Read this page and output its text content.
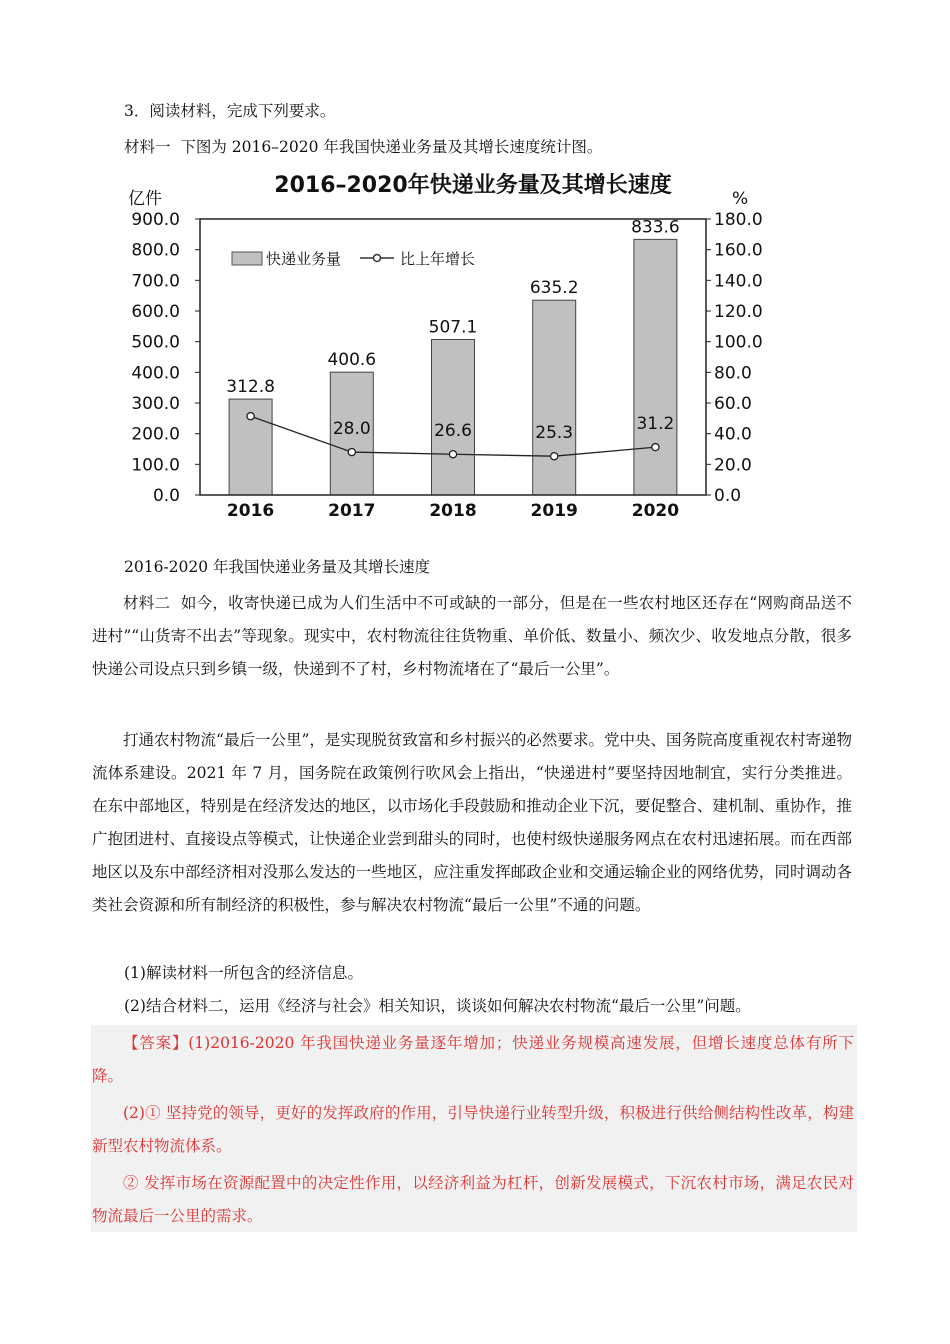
3．阅读材料，完成下列要求。
材料一 下图为 2016–2020 年我国快递业务量及其增长速度统计图。
2016–2020年快递业务量及其增长速度
亿件	%
312.8
400.6
507.1
635.2
833.6
28.0	26.6	25.3	31.2
0.0
100.0
200.0
300.0
400.0
500.0
600.0
700.0
800.0
900.0
0.0
20.0
40.0
60.0
80.0
100.0
120.0
140.0
160.0
180.0
2016	2017	2018	2019	2020
快递业务量	比上年增长
2016-2020 年我国快递业务量及其增长速度

材料二 如今，收寄快递已成为人们生活中不可或缺的一部分，但是在一些农村地区还存在“网购商品送不进村”“山货寄不出去”等现象。现实中，农村物流往往货物重、单价低、数量小、频次少、收发地点分散，很多快递公司设点只到乡镇一级，快递到不了村，乡村物流堵在了“最后一公里”。

打通农村物流“最后一公里”，是实现脱贫致富和乡村振兴的必然要求。党中央、国务院高度重视农村寄递物流体系建设。2021 年 7 月，国务院在政策例行吹风会上指出，“快递进村”要坚持因地制宜，实行分类推进。在东中部地区，特别是在经济发达的地区，以市场化手段鼓励和推动企业下沉，要促整合、建机制、重协作，推广抱团进村、直接设点等模式，让快递企业尝到甜头的同时，也使村级快递服务网点在农村迅速拓展。而在西部地区以及东中部经济相对没那么发达的一些地区，应注重发挥邮政企业和交通运输企业的网络优势，同时调动各类社会资源和所有制经济的积极性，参与解决农村物流“最后一公里”不通的问题。

(1)解读材料一所包含的经济信息。
(2)结合材料二，运用《经济与社会》相关知识，谈谈如何解决农村物流“最后一公里”问题。

【答案】(1)2016-2020 年我国快递业务量逐年增加；快递业务规模高速发展，但增长速度总体有所下降。

(2)① 坚持党的领导，更好的发挥政府的作用，引导快递行业转型升级，积极进行供给侧结构性改革，构建新型农村物流体系。

② 发挥市场在资源配置中的决定性作用，以经济利益为杠杆，创新发展模式，下沉农村市场，满足农民对物流最后一公里的需求。
